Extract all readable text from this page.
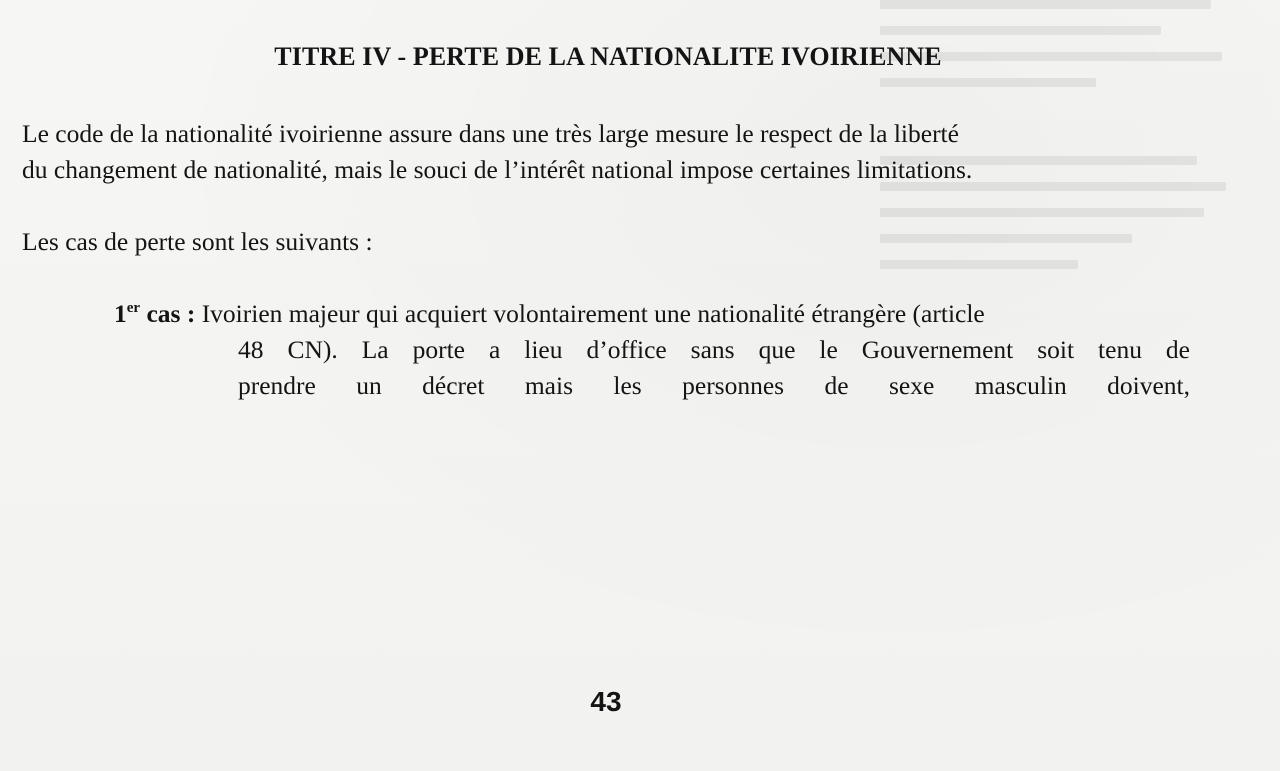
TITRE IV - PERTE DE LA NATIONALITE IVOIRIENNE
Le code de la nationalité ivoirienne assure dans une très large mesure le respect de la liberté
du changement de nationalité, mais le souci de l’intérêt national impose certaines limitations.
Les cas de perte sont les suivants :
1er cas : Ivoirien majeur qui acquiert volontairement une nationalité étrangère (article
48 CN). La porte a lieu d’office sans que le Gouvernement soit tenu de
prendre un décret mais les personnes de sexe masculin doivent,
43
